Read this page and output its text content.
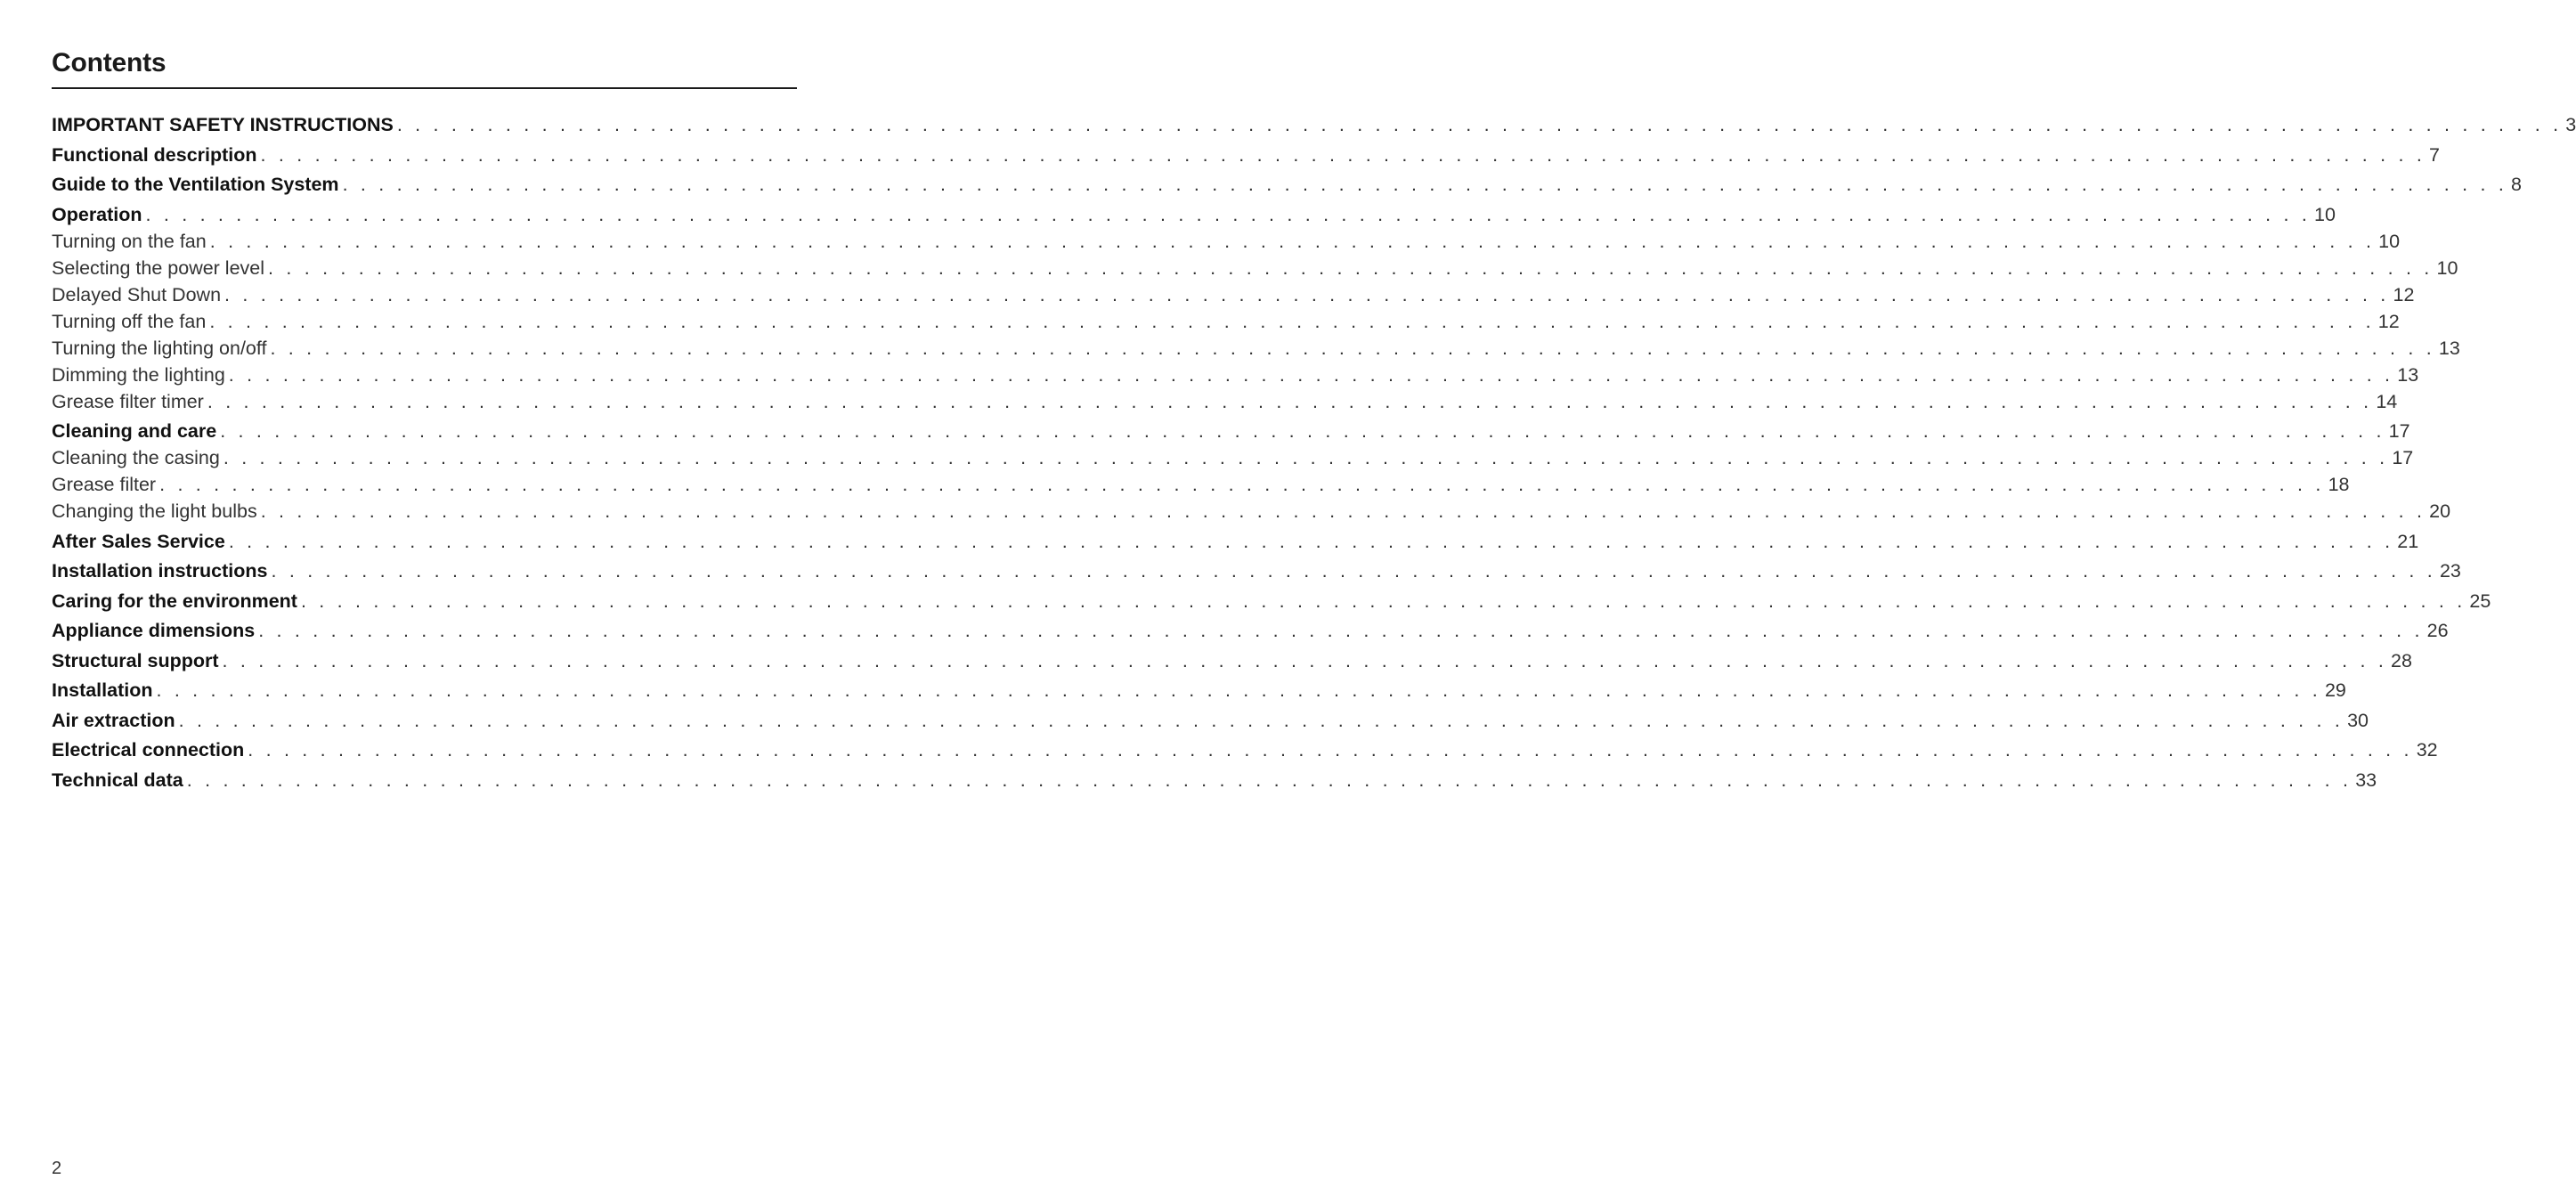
Contents
IMPORTANT SAFETY INSTRUCTIONS . . . . . . . . . . . . . . . . . . . . . . . . . . . . . . . . . . . . . . . . . . . . . . . . . . . . . . . . . . . . . . . . . . . . . . . . . . . . . . . . . . . . . . . . . . . . . . . . . . . . . . . . . . . . . . . . . . . . . . . . 3
Functional description . . . . . . . . . . . . . . . . . . . . . . . . . . . . . . . . . . . . . . . . . . . . . . . . . . . . . . . . . . . . . . . . . . . . . . . . . . . . . . . . . . . . . . . . . . . . . . . . . . . . . . . . . . . . . . . . . . . . . . . . 7
Guide to the Ventilation System . . . . . . . . . . . . . . . . . . . . . . . . . . . . . . . . . . . . . . . . . . . . . . . . . . . . . . . . . . . . . . . . . . . . . . . . . . . . . . . . . . . . . . . . . . . . . . . . . . . . . . . . . . . . . . . . . . . . . . . . 8
Operation . . . . . . . . . . . . . . . . . . . . . . . . . . . . . . . . . . . . . . . . . . . . . . . . . . . . . . . . . . . . . . . . . . . . . . . . . . . . . . . . . . . . . . . . . . . . . . . . . . . . . . . . . . . . . . . . . . . . . . . . 10
Turning on the fan . . . . . . . . . . . . . . . . . . . . . . . . . . . . . . . . . . . . . . . . . . . . . . . . . . . . . . . . . . . . . . . . . . . . . . . . . . . . . . . . . . . . . . . . . . . . . . . . . . . . . . . . . . . . . . . . . . . . . . . . 10
Selecting the power level . . . . . . . . . . . . . . . . . . . . . . . . . . . . . . . . . . . . . . . . . . . . . . . . . . . . . . . . . . . . . . . . . . . . . . . . . . . . . . . . . . . . . . . . . . . . . . . . . . . . . . . . . . . . . . . . . . . . . . . . 10
Delayed Shut Down . . . . . . . . . . . . . . . . . . . . . . . . . . . . . . . . . . . . . . . . . . . . . . . . . . . . . . . . . . . . . . . . . . . . . . . . . . . . . . . . . . . . . . . . . . . . . . . . . . . . . . . . . . . . . . . . . . . . . . . . 12
Turning off the fan . . . . . . . . . . . . . . . . . . . . . . . . . . . . . . . . . . . . . . . . . . . . . . . . . . . . . . . . . . . . . . . . . . . . . . . . . . . . . . . . . . . . . . . . . . . . . . . . . . . . . . . . . . . . . . . . . . . . . . . . 12
Turning the lighting on/off . . . . . . . . . . . . . . . . . . . . . . . . . . . . . . . . . . . . . . . . . . . . . . . . . . . . . . . . . . . . . . . . . . . . . . . . . . . . . . . . . . . . . . . . . . . . . . . . . . . . . . . . . . . . . . . . . . . . . . . . 13
Dimming the lighting . . . . . . . . . . . . . . . . . . . . . . . . . . . . . . . . . . . . . . . . . . . . . . . . . . . . . . . . . . . . . . . . . . . . . . . . . . . . . . . . . . . . . . . . . . . . . . . . . . . . . . . . . . . . . . . . . . . . . . . . 13
Grease filter timer . . . . . . . . . . . . . . . . . . . . . . . . . . . . . . . . . . . . . . . . . . . . . . . . . . . . . . . . . . . . . . . . . . . . . . . . . . . . . . . . . . . . . . . . . . . . . . . . . . . . . . . . . . . . . . . . . . . . . . . . 14
Cleaning and care . . . . . . . . . . . . . . . . . . . . . . . . . . . . . . . . . . . . . . . . . . . . . . . . . . . . . . . . . . . . . . . . . . . . . . . . . . . . . . . . . . . . . . . . . . . . . . . . . . . . . . . . . . . . . . . . . . . . . . . . 17
Cleaning the casing . . . . . . . . . . . . . . . . . . . . . . . . . . . . . . . . . . . . . . . . . . . . . . . . . . . . . . . . . . . . . . . . . . . . . . . . . . . . . . . . . . . . . . . . . . . . . . . . . . . . . . . . . . . . . . . . . . . . . . . . 17
Grease filter . . . . . . . . . . . . . . . . . . . . . . . . . . . . . . . . . . . . . . . . . . . . . . . . . . . . . . . . . . . . . . . . . . . . . . . . . . . . . . . . . . . . . . . . . . . . . . . . . . . . . . . . . . . . . . . . . . . . . . . . 18
Changing the light bulbs . . . . . . . . . . . . . . . . . . . . . . . . . . . . . . . . . . . . . . . . . . . . . . . . . . . . . . . . . . . . . . . . . . . . . . . . . . . . . . . . . . . . . . . . . . . . . . . . . . . . . . . . . . . . . . . . . . . . . . . . 20
After Sales Service . . . . . . . . . . . . . . . . . . . . . . . . . . . . . . . . . . . . . . . . . . . . . . . . . . . . . . . . . . . . . . . . . . . . . . . . . . . . . . . . . . . . . . . . . . . . . . . . . . . . . . . . . . . . . . . . . . . . . . . . 21
Installation instructions . . . . . . . . . . . . . . . . . . . . . . . . . . . . . . . . . . . . . . . . . . . . . . . . . . . . . . . . . . . . . . . . . . . . . . . . . . . . . . . . . . . . . . . . . . . . . . . . . . . . . . . . . . . . . . . . . . . . . . . . 23
Caring for the environment . . . . . . . . . . . . . . . . . . . . . . . . . . . . . . . . . . . . . . . . . . . . . . . . . . . . . . . . . . . . . . . . . . . . . . . . . . . . . . . . . . . . . . . . . . . . . . . . . . . . . . . . . . . . . . . . . . . . . . . . 25
Appliance dimensions . . . . . . . . . . . . . . . . . . . . . . . . . . . . . . . . . . . . . . . . . . . . . . . . . . . . . . . . . . . . . . . . . . . . . . . . . . . . . . . . . . . . . . . . . . . . . . . . . . . . . . . . . . . . . . . . . . . . . . . . 26
Structural support . . . . . . . . . . . . . . . . . . . . . . . . . . . . . . . . . . . . . . . . . . . . . . . . . . . . . . . . . . . . . . . . . . . . . . . . . . . . . . . . . . . . . . . . . . . . . . . . . . . . . . . . . . . . . . . . . . . . . . . . 28
Installation . . . . . . . . . . . . . . . . . . . . . . . . . . . . . . . . . . . . . . . . . . . . . . . . . . . . . . . . . . . . . . . . . . . . . . . . . . . . . . . . . . . . . . . . . . . . . . . . . . . . . . . . . . . . . . . . . . . . . . . . 29
Air extraction . . . . . . . . . . . . . . . . . . . . . . . . . . . . . . . . . . . . . . . . . . . . . . . . . . . . . . . . . . . . . . . . . . . . . . . . . . . . . . . . . . . . . . . . . . . . . . . . . . . . . . . . . . . . . . . . . . . . . . . . 30
Electrical connection . . . . . . . . . . . . . . . . . . . . . . . . . . . . . . . . . . . . . . . . . . . . . . . . . . . . . . . . . . . . . . . . . . . . . . . . . . . . . . . . . . . . . . . . . . . . . . . . . . . . . . . . . . . . . . . . . . . . . . . . 32
Technical data . . . . . . . . . . . . . . . . . . . . . . . . . . . . . . . . . . . . . . . . . . . . . . . . . . . . . . . . . . . . . . . . . . . . . . . . . . . . . . . . . . . . . . . . . . . . . . . . . . . . . . . . . . . . . . . . . . . . . . . . 33
2
